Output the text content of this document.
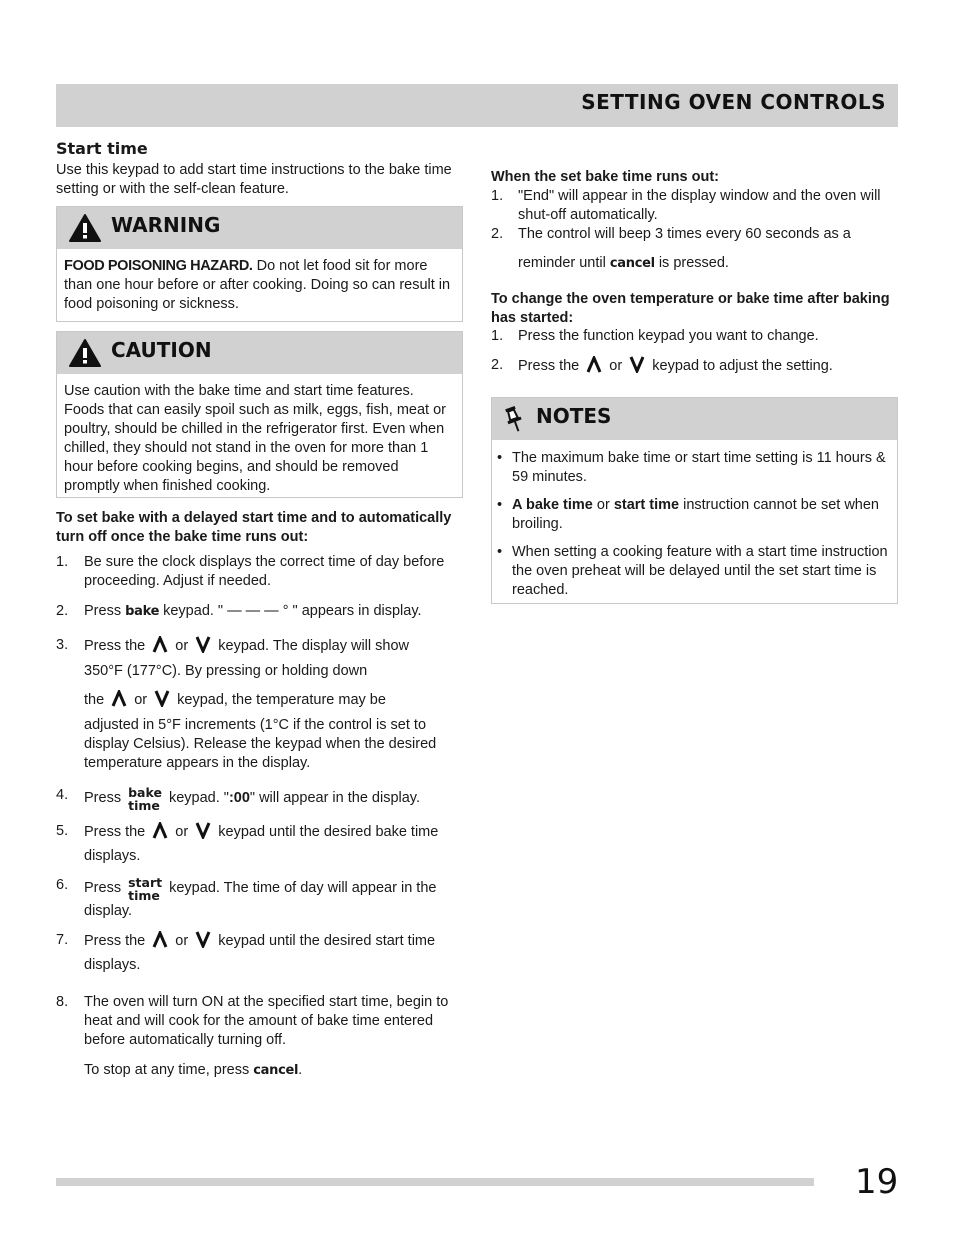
SETTING OVEN CONTROLS
Start time
Use this keypad to add start time instructions to the bake time setting or with the self-clean feature.
WARNING
FOOD POISONING HAZARD. Do not let food sit for more than one hour before or after cooking. Doing so can result in food poisoning or sickness.
CAUTION
Use caution with the bake time and start time features. Foods that can easily spoil such as milk, eggs, fish, meat or poultry, should be chilled in the refrigerator first. Even when chilled, they should not stand in the oven for more than 1 hour before cooking begins, and should be removed promptly when finished cooking.
To set bake with a delayed start time and to automatically turn off once the bake time runs out:
1. Be sure the clock displays the correct time of day before proceeding. Adjust if needed.
2. Press bake keypad. " — — — ° " appears in display.
3. Press the  or  keypad. The display will show
350°F (177°C). By pressing or holding down
the  or  keypad, the temperature may be
adjusted in 5°F increments (1°C if the control is set to display Celsius). Release the keypad when the desired temperature appears in the display.
4. Press bake
time keypad. ":00" will appear in the display.
5. Press the  or  keypad until the desired bake time
displays.
6. Press start
time keypad. The time of day will appear in the
display.
7. Press the  or  keypad until the desired start time
displays.
8. The oven will turn ON at the specified start time, begin to heat and will cook for the amount of bake time entered before automatically turning off.
To stop at any time, press cancel.
When the set bake time runs out:
1. "End" will appear in the display window and the oven will shut-off automatically.
2. The control will beep 3 times every 60 seconds as a
reminder until cancel is pressed.
To change the oven temperature or bake time after baking has started:
1. Press the function keypad you want to change.
2. Press the  or  keypad to adjust the setting.
NOTES
• The maximum bake time or start time setting is 11 hours & 59 minutes.
• A bake time or start time instruction cannot be set when broiling.
• When setting a cooking feature with a start time instruction the oven preheat will be delayed until the set start time is reached.
19
